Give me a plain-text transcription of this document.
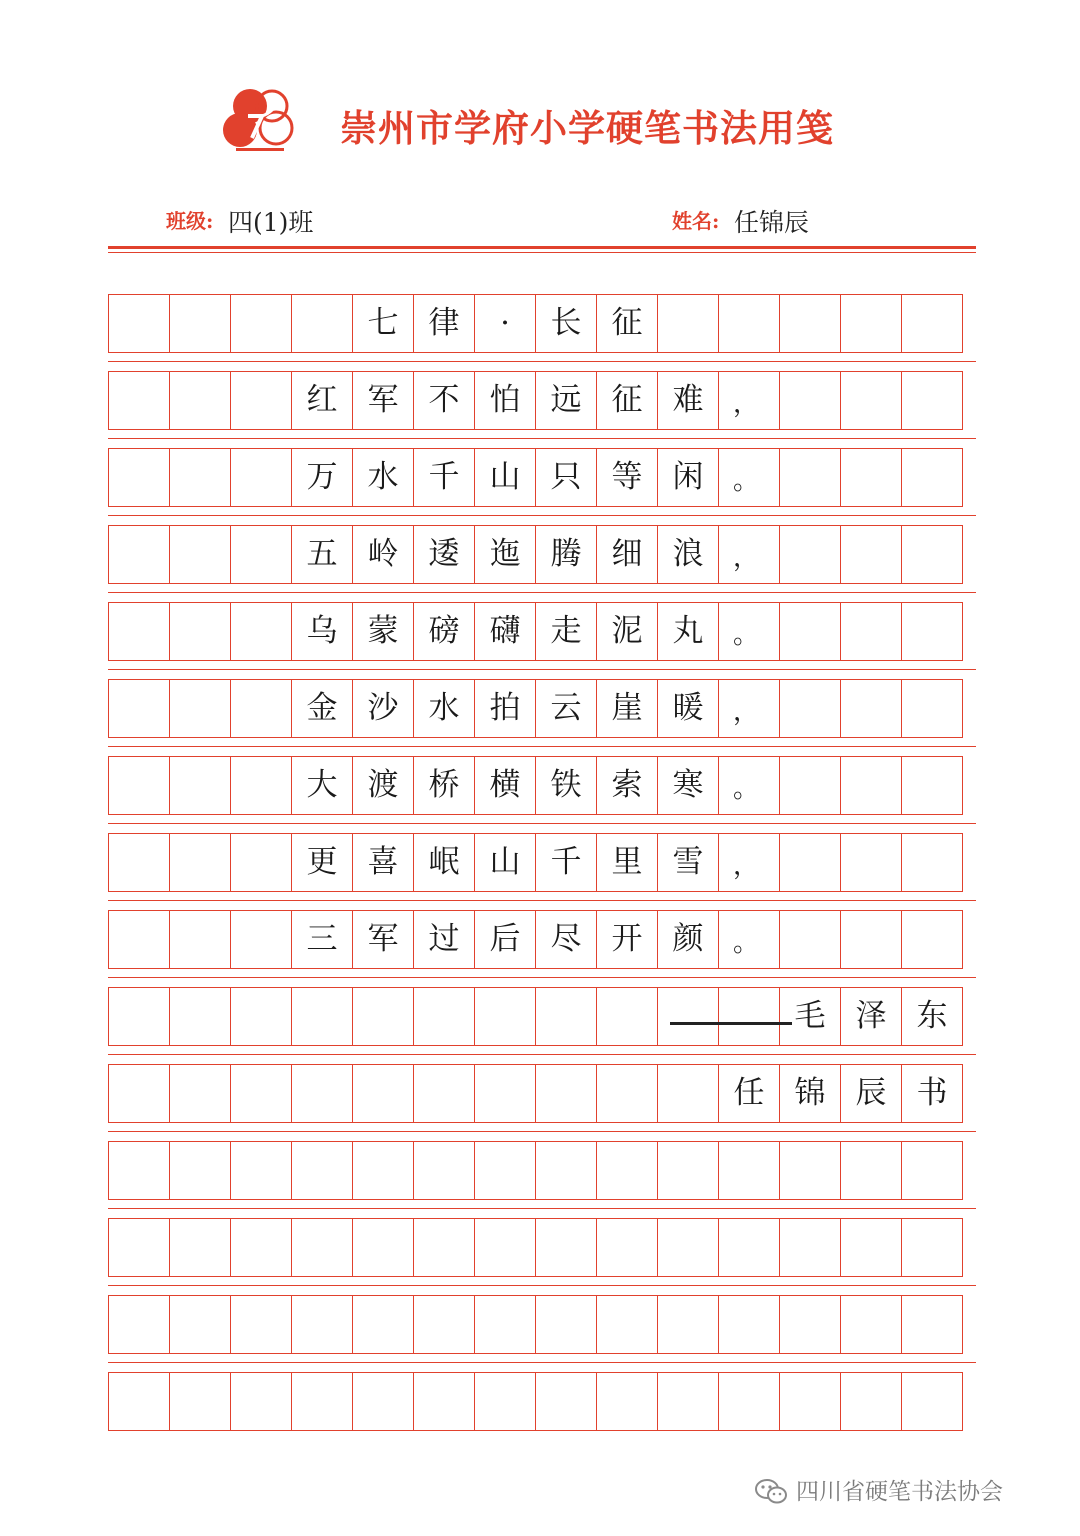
崇州市学府小学硬笔书法用笺
班级: 四(1)班	姓名: 任锦辰
七 律	·	长 征
红 军 不 怕 远 征 难	，
万 水 千 山 只 等 闲	。
五 岭 逶 迤 腾 细 浪	，
乌 蒙 磅 礴 走 泥 丸	。
金 沙 水 拍 云 崖 暖	，
大 渡 桥 横 铁 索 寒	。
更 喜 岷 山 千 里 雪	，
三 军 过 后 尽 开 颜	。
毛 泽 东
任 锦 辰 书
四川省硬笔书法协会
